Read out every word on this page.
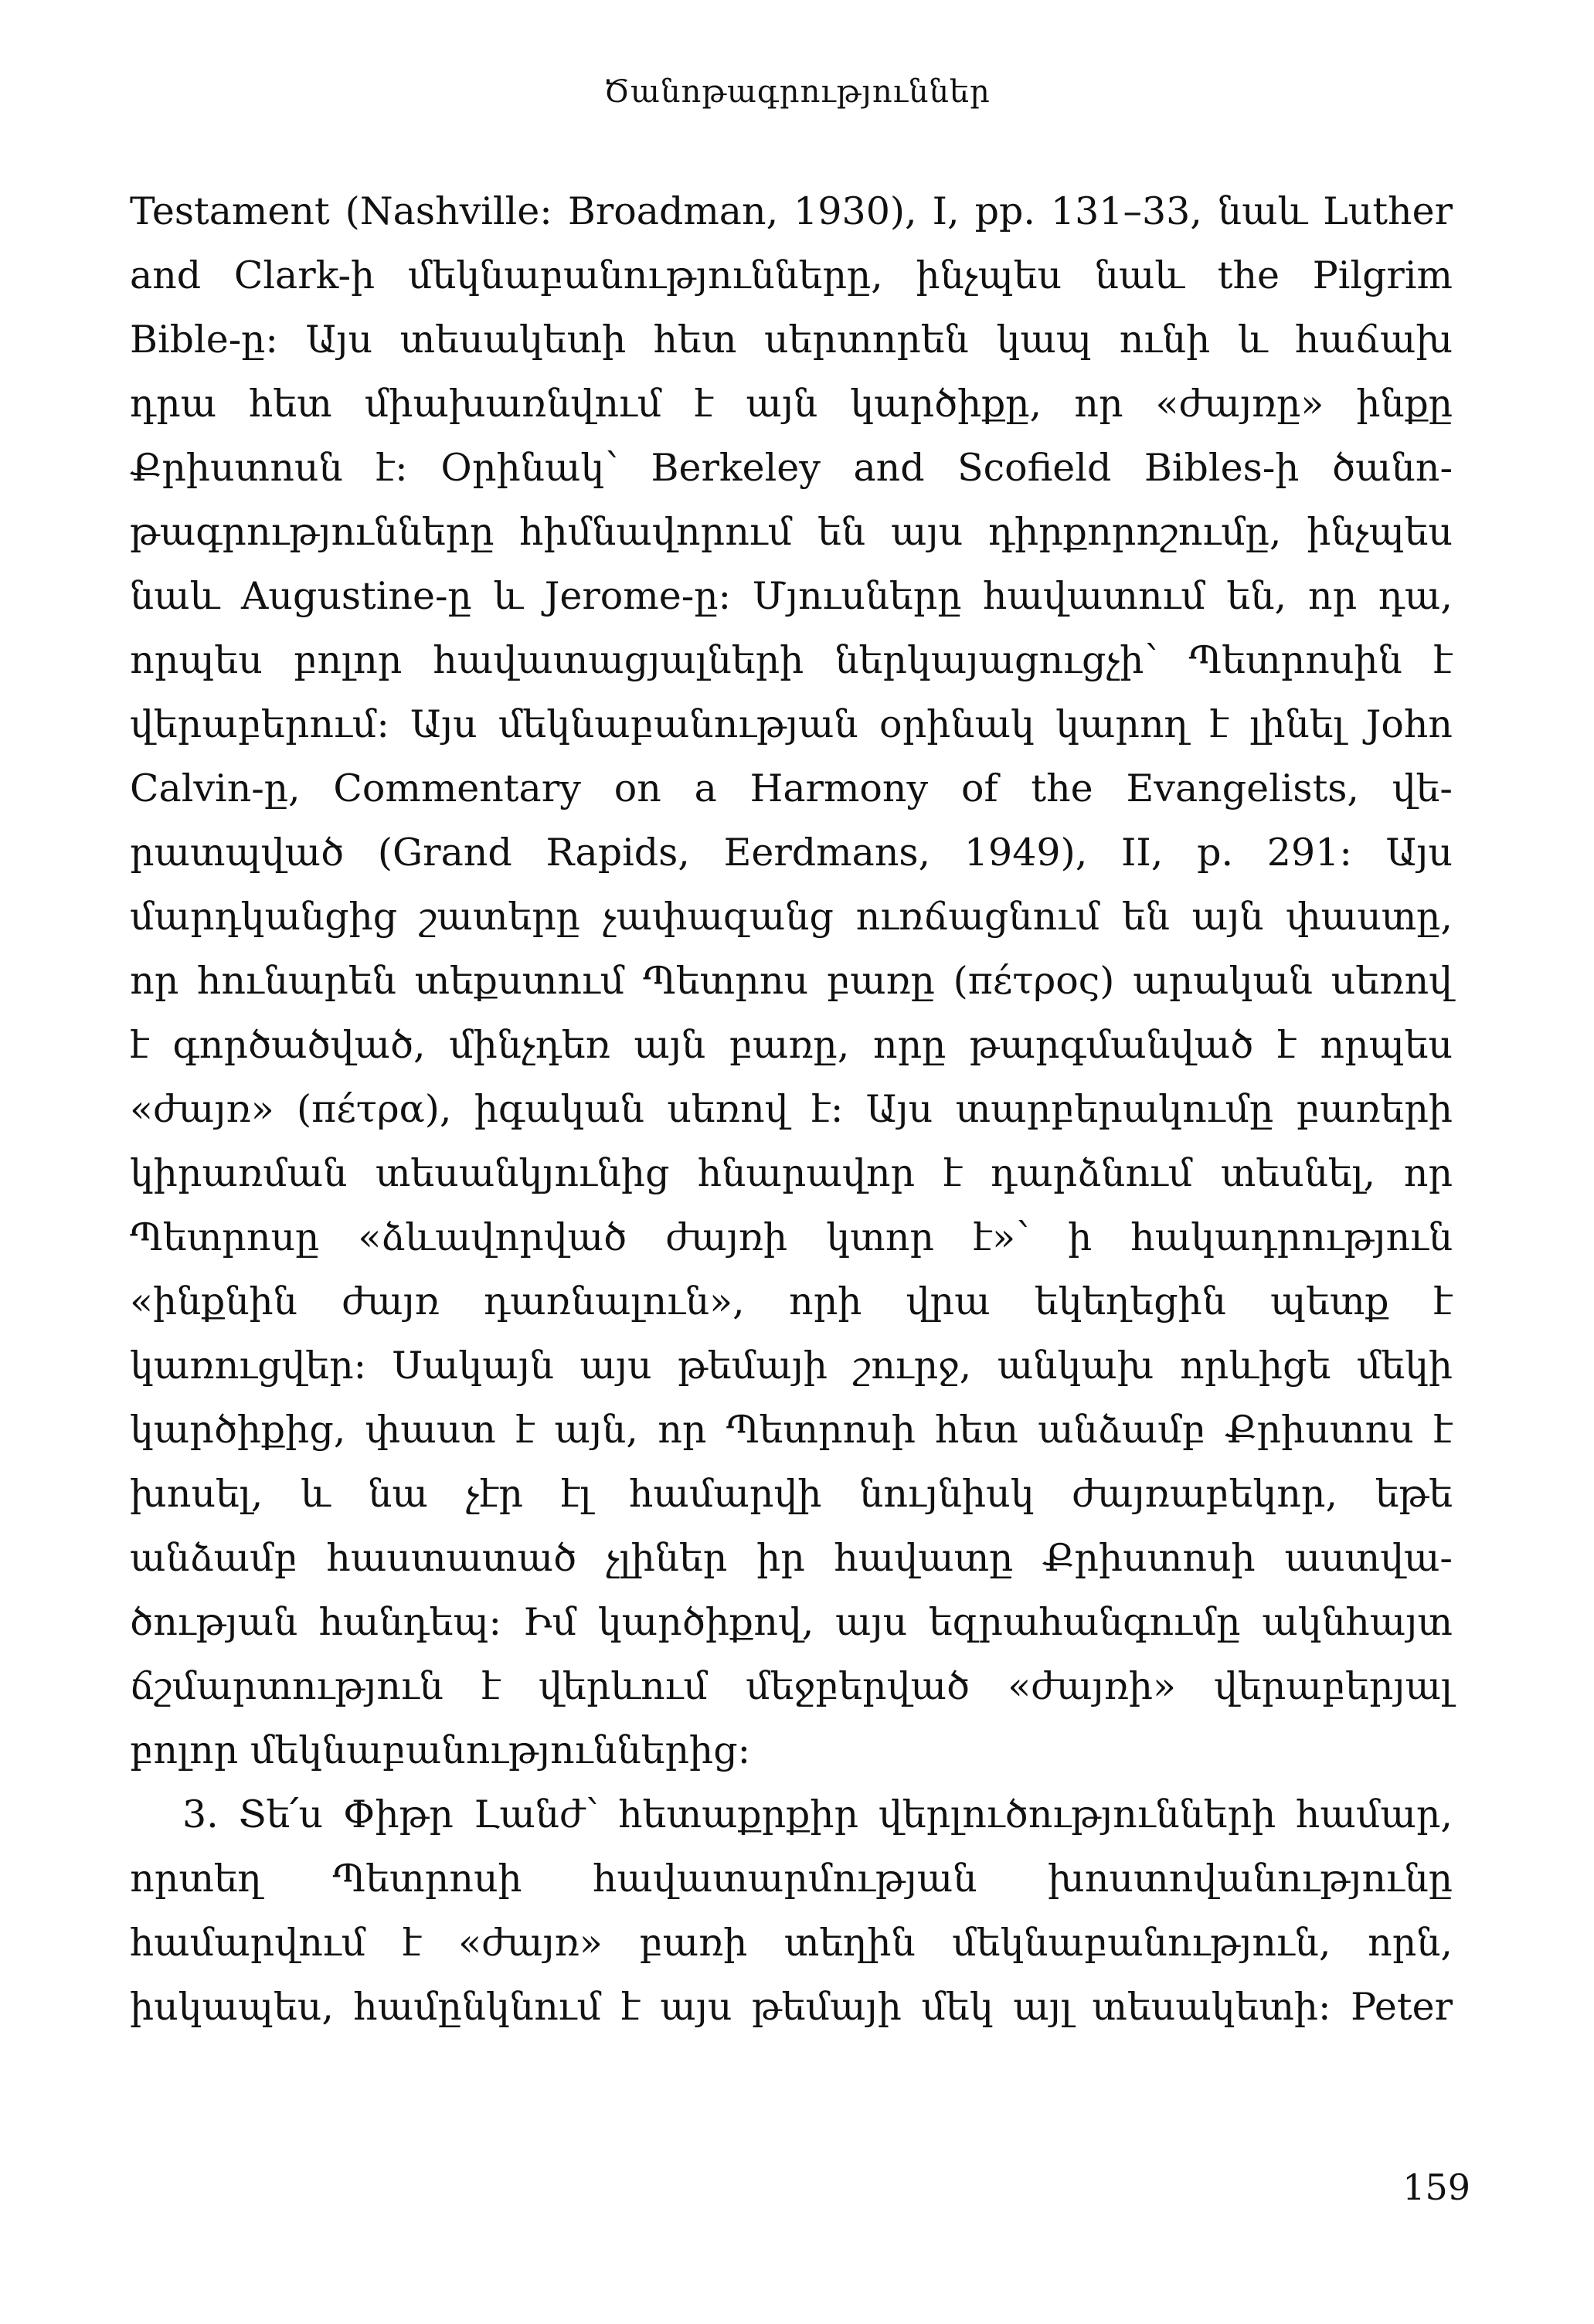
Ծանոթագրություններ
Testament (Nashville: Broadman, 1930), I, pp. 131–33, նաև Luther
and Clark-ի մեկնաբանությունները, ինչպես նաև the Pilgrim
Bible-ը: Այս տեսակետի հետ սերտորեն կապ ունի և հաճախ
դրա հետ միախառնվում է այն կարծիքը, որ «ժայռը» ինքը
Քրիստոսն է: Օրինակ՝ Berkeley and Scofield Bibles-ի ծանո-
թագրությունները հիմնավորում են այս դիրքորոշումը, ինչպես
նաև Augustine-ը և Jerome-ը: Մյուսները հավատում են, որ դա,
որպես բոլոր հավատացյալների ներկայացուցչի՝ Պետրոսին է
վերաբերում: Այս մեկնաբանության օրինակ կարող է լինել John
Calvin-ը, Commentary on a Harmony of the Evangelists, վե-
րատպված (Grand Rapids, Eerdmans, 1949), II, p. 291: Այս
մարդկանցից շատերը չափազանց ուռճացնում են այն փաստը,
որ հունարեն տեքստում Պետրոս բառը (πέτρος) արական սեռով
է գործածված, մինչդեռ այն բառը, որը թարգմանված է որպես
«ժայռ» (πέτρα), իգական սեռով է: Այս տարբերակումը բառերի
կիրառման տեսանկյունից հնարավոր է դարձնում տեսնել, որ
Պետրոսը «ձևավորված ժայռի կտոր է»՝ ի հակադրություն
«ինքնին ժայռ դառնալուն», որի վրա եկեղեցին պետք է
կառուցվեր: Սակայն այս թեմայի շուրջ, անկախ որևիցե մեկի
կարծիքից, փաստ է այն, որ Պետրոսի հետ անձամբ Քրիստոս է
խոսել, և նա չէր էլ համարվի նույնիսկ ժայռաբեկոր, եթե
անձամբ հաստատած չլիներ իր հավատը Քրիստոսի աստվա-
ծության հանդեպ: Իմ կարծիքով, այս եզրահանգումը ակնհայտ
ճշմարտություն է վերևում մեջբերված «ժայռի» վերաբերյալ
բոլոր մեկնաբանություններից:
3. Տե՛ս Փիթր Լանժ՝ հետաքրքիր վերլուծությունների համար,
որտեղ Պետրոսի հավատարմության խոստովանությունը
համարվում է «ժայռ» բառի տեղին մեկնաբանություն, որն,
իսկապես, համընկնում է այս թեմայի մեկ այլ տեսակետի: Peter
159
